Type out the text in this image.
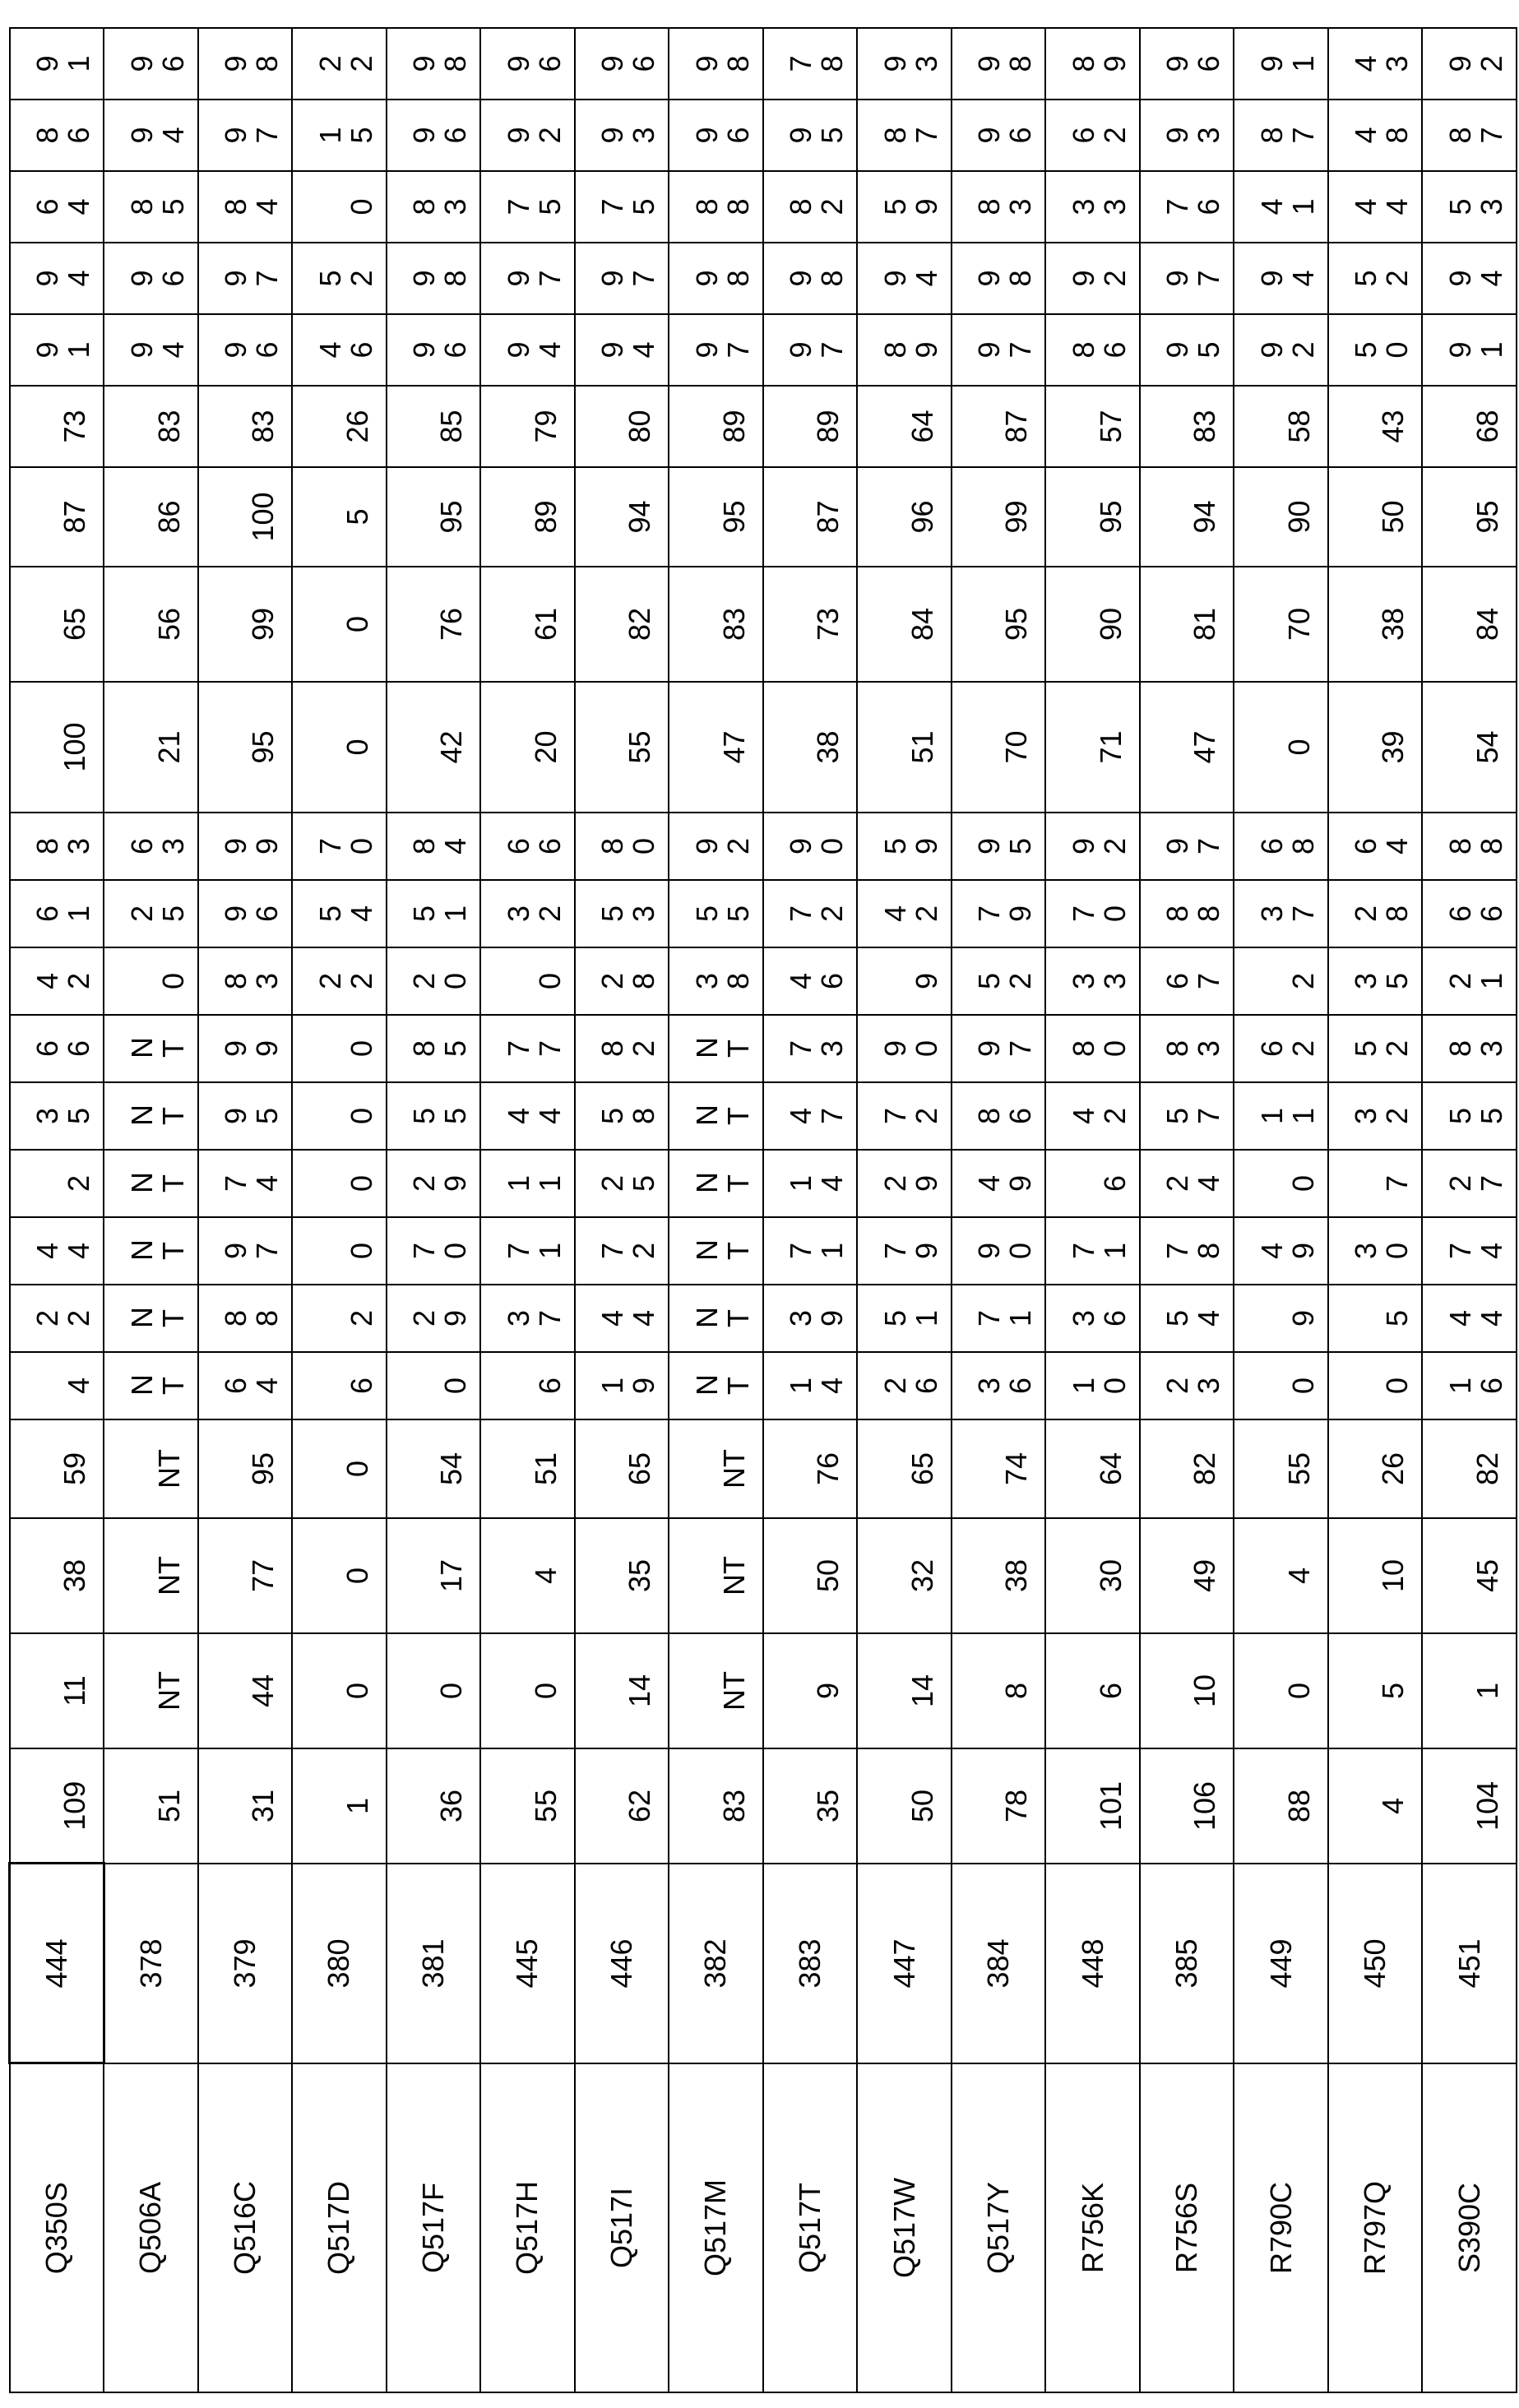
Q350S	444	109	11	38	59	4	22	44	2	35	66	42	61	83	100	65	87	73	91	94	64	86	91
Q506A	378	51	NT	NT	NT	NT	NT	NT	NT	NT	NT	0	25	63	21	56	86	83	94	96	85	94	96
Q516C	379	31	44	77	95	64	88	97	74	95	99	83	96	99	95	99	100	83	96	97	84	97	98
Q517D	380	1	0	0	0	6	2	0	0	0	0	22	54	70	0	0	5	26	46	52	0	15	22
Q517F	381	36	0	17	54	0	29	70	29	55	85	20	51	84	42	76	95	85	96	98	83	96	98
Q517H	445	55	0	4	51	6	37	71	11	44	77	0	32	66	20	61	89	79	94	97	75	92	96
Q517I	446	62	14	35	65	19	44	72	25	58	82	28	53	80	55	82	94	80	94	97	75	93	96
Q517M	382	83	NT	NT	NT	NT	NT	NT	NT	NT	NT	38	55	92	47	83	95	89	97	98	88	96	98
Q517T	383	35	9	50	76	14	39	71	14	47	73	46	72	90	38	73	87	89	97	98	82	95	78
Q517W	447	50	14	32	65	26	51	79	29	72	90	9	42	59	51	84	96	64	89	94	59	87	93
Q517Y	384	78	8	38	74	36	71	90	49	86	97	52	79	95	70	95	99	87	97	98	83	96	98
R756K	448	101	6	30	64	10	36	71	6	42	80	33	70	92	71	90	95	57	86	92	33	62	89
R756S	385	106	10	49	82	23	54	78	24	57	83	67	88	97	47	81	94	83	95	97	76	93	96
R790C	449	88	0	4	55	0	9	49	0	11	62	2	37	68	0	70	90	58	92	94	41	87	91
R797Q	450	4	5	10	26	0	5	30	7	32	52	35	28	64	39	38	50	43	50	52	44	48	43
S390C	451	104	1	45	82	16	44	74	27	55	83	21	66	88	54	84	95	68	91	94	53	87	92
